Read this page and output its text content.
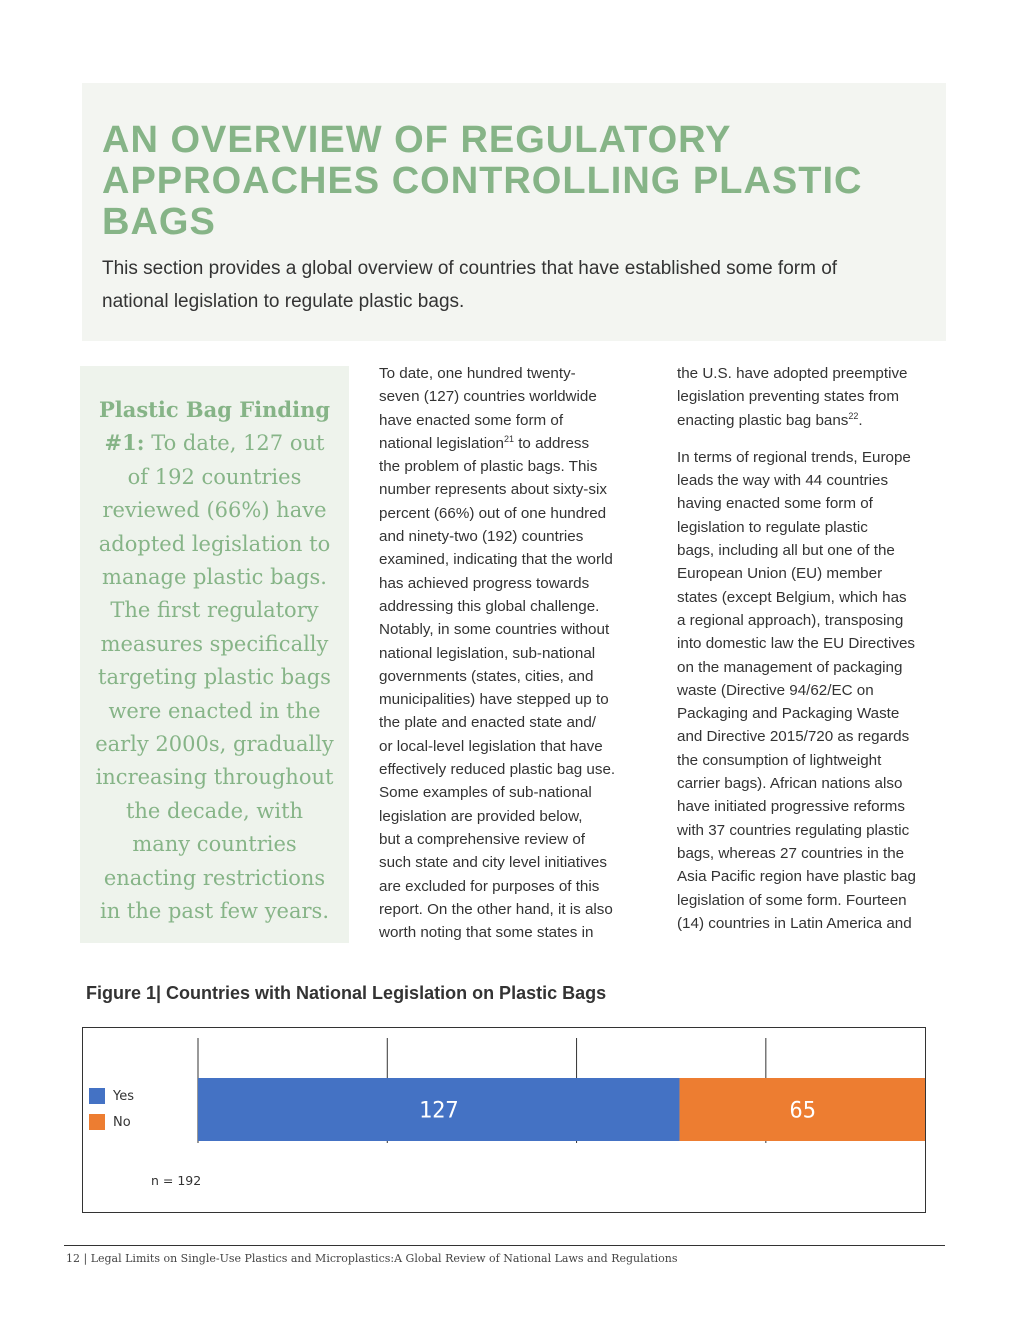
AN OVERVIEW OF REGULATORY
APPROACHES CONTROLLING PLASTIC
BAGS

This section provides a global overview of countries that have established some form of
national legislation to regulate plastic bags.

Plastic Bag Finding
#1: To date, 127 out
of 192 countries
reviewed (66%) have
adopted legislation to
manage plastic bags.
The first regulatory
measures specifically
targeting plastic bags
were enacted in the
early 2000s, gradually
increasing throughout
the decade, with
many countries
enacting restrictions
in the past few years.
To date, one hundred twenty-
seven (127) countries worldwide
have enacted some form of
national legislation$^{21}$ to address
the problem of plastic bags. This
number represents about sixty-six
percent (66%) out of one hundred
and ninety-two (192) countries
examined, indicating that the world
has achieved progress towards
addressing this global challenge.
Notably, in some countries without
national legislation, sub-national
governments (states, cities, and
municipalities) have stepped up to
the plate and enacted state and/
or local-level legislation that have
effectively reduced plastic bag use.
Some examples of sub-national
legislation are provided below,
but a comprehensive review of
such state and city level initiatives
are excluded for purposes of this
report. On the other hand, it is also
worth noting that some states in
the U.S. have adopted preemptive
legislation preventing states from
enacting plastic bag bans$^{22}$.
In terms of regional trends, Europe
leads the way with 44 countries
having enacted some form of
legislation to regulate plastic
bags, including all but one of the
European Union (EU) member
states (except Belgium, which has
a regional approach), transposing
into domestic law the EU Directives
on the management of packaging
waste (Directive 94/62/EC on
Packaging and Packaging Waste
and Directive 2015/720 as regards
the consumption of lightweight
carrier bags). African nations also
have initiated progressive reforms
with 37 countries regulating plastic
bags, whereas 27 countries in the
Asia Pacific region have plastic bag
legislation of some form. Fourteen
(14) countries in Latin America and
Figure 1| Countries with National Legislation on Plastic Bags
Yes
No	127	65
n = 192
12 | Legal Limits on Single-Use Plastics and Microplastics:A Global Review of National Laws and Regulations
